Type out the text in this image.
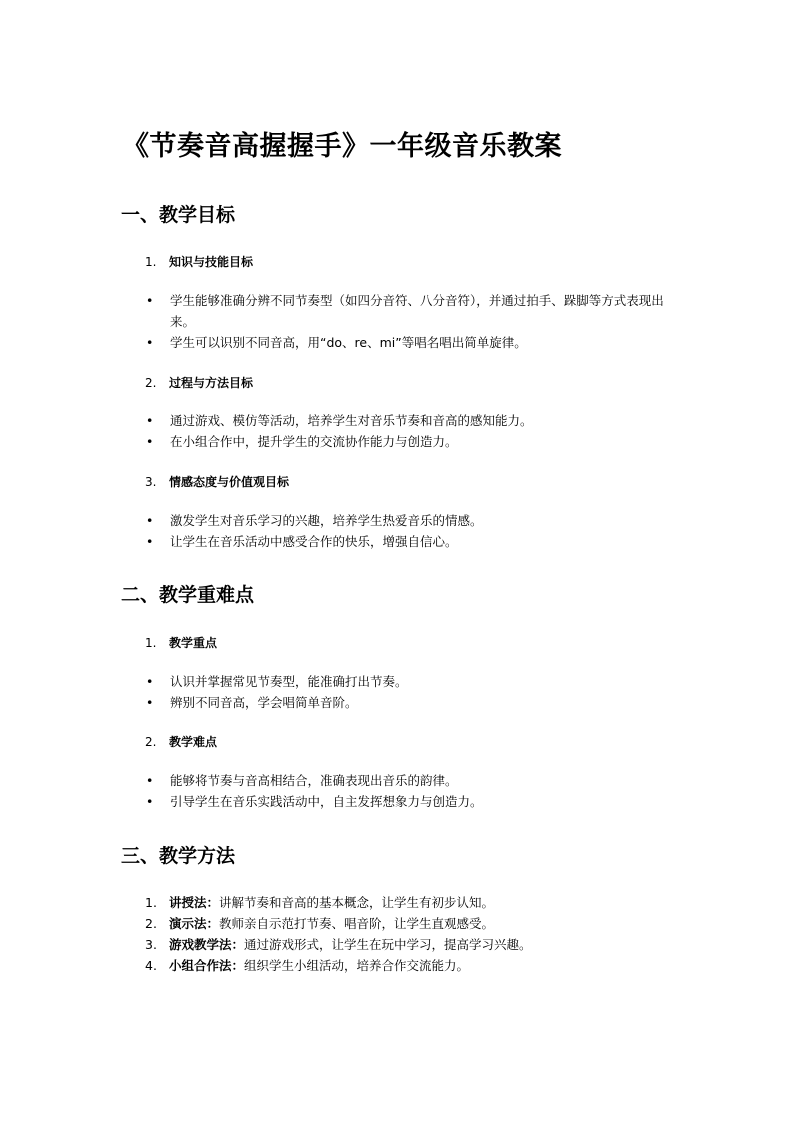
《节奏音高握握手》一年级音乐教案
一、教学目标
1. 知识与技能目标
• 学生能够准确分辨不同节奏型（如四分音符、八分音符），并通过拍手、跺脚等方式表现出来。
• 学生可以识别不同音高，用“do、re、mi”等唱名唱出简单旋律。
2. 过程与方法目标
• 通过游戏、模仿等活动，培养学生对音乐节奏和音高的感知能力。
• 在小组合作中，提升学生的交流协作能力与创造力。
3. 情感态度与价值观目标
• 激发学生对音乐学习的兴趣，培养学生热爱音乐的情感。
• 让学生在音乐活动中感受合作的快乐，增强自信心。
二、教学重难点
1. 教学重点
• 认识并掌握常见节奏型，能准确打出节奏。
• 辨别不同音高，学会唱简单音阶。
2. 教学难点
• 能够将节奏与音高相结合，准确表现出音乐的韵律。
• 引导学生在音乐实践活动中，自主发挥想象力与创造力。
三、教学方法
1. 讲授法：讲解节奏和音高的基本概念，让学生有初步认知。
2. 演示法：教师亲自示范打节奏、唱音阶，让学生直观感受。
3. 游戏教学法：通过游戏形式，让学生在玩中学习，提高学习兴趣。
4. 小组合作法：组织学生小组活动，培养合作交流能力。
